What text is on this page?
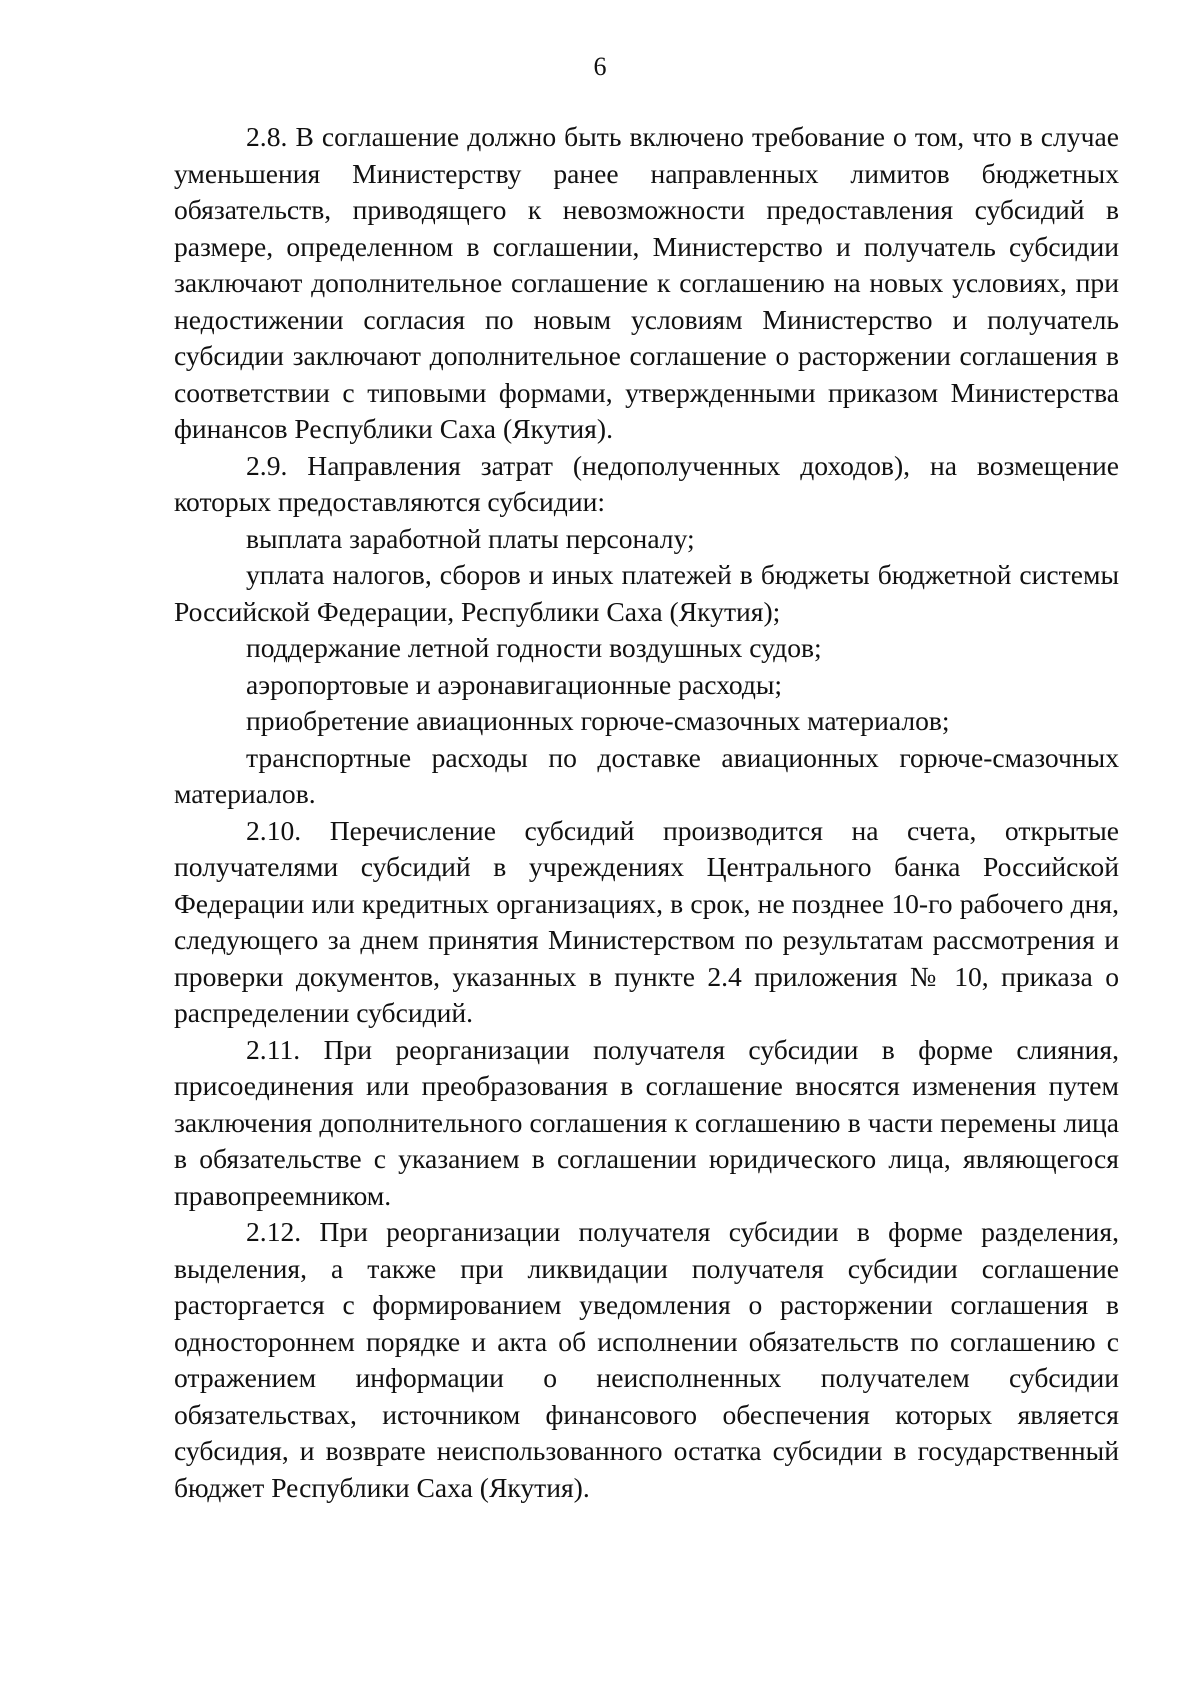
6

2.8. В соглашение должно быть включено требование о том, что в случае уменьшения Министерству ранее направленных лимитов бюджетных обязательств, приводящего к невозможности предоставления субсидий в размере, определенном в соглашении, Министерство и получатель субсидии заключают дополнительное соглашение к соглашению на новых условиях, при недостижении согласия по новым условиям Министерство и получатель субсидии заключают дополнительное соглашение о расторжении соглашения в соответствии с типовыми формами, утвержденными приказом Министерства финансов Республики Саха (Якутия).

2.9. Направления затрат (недополученных доходов), на возмещение которых предоставляются субсидии:

выплата заработной платы персоналу;

уплата налогов, сборов и иных платежей в бюджеты бюджетной системы Российской Федерации, Республики Саха (Якутия);

поддержание летной годности воздушных судов;

аэропортовые и аэронавигационные расходы;

приобретение авиационных горюче-смазочных материалов;

транспортные расходы по доставке авиационных горюче-смазочных материалов.

2.10. Перечисление субсидий производится на счета, открытые получателями субсидий в учреждениях Центрального банка Российской Федерации или кредитных организациях, в срок, не позднее 10-го рабочего дня, следующего за днем принятия Министерством по результатам рассмотрения и проверки документов, указанных в пункте 2.4 приложения № 10, приказа о распределении субсидий.

2.11. При реорганизации получателя субсидии в форме слияния, присоединения или преобразования в соглашение вносятся изменения путем заключения дополнительного соглашения к соглашению в части перемены лица в обязательстве с указанием в соглашении юридического лица, являющегося правопреемником.

2.12. При реорганизации получателя субсидии в форме разделения, выделения, а также при ликвидации получателя субсидии соглашение расторгается с формированием уведомления о расторжении соглашения в одностороннем порядке и акта об исполнении обязательств по соглашению с отражением информации о неисполненных получателем субсидии обязательствах, источником финансового обеспечения которых является субсидия, и возврате неиспользованного остатка субсидии в государственный бюджет Республики Саха (Якутия).
